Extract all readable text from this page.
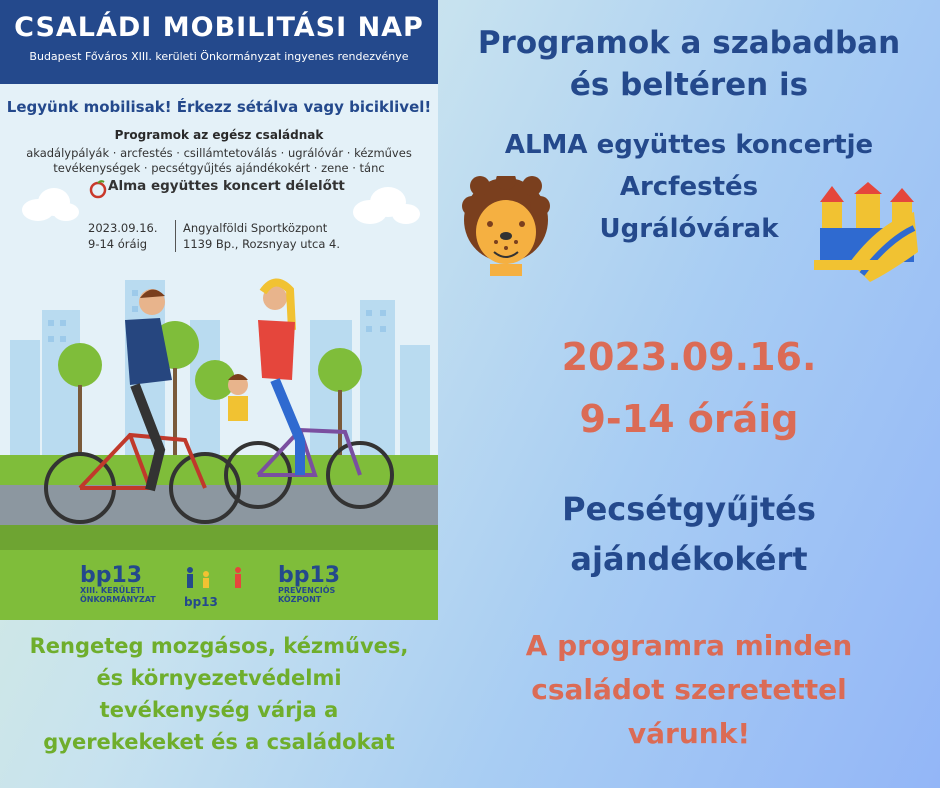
CSALÁDI MOBILITÁSI NAP
Budapest Főváros XIII. kerületi Önkormányzat ingyenes rendezvénye
Legyünk mobilisak! Érkezz sétálva vagy biciklivel!
Programok az egész családnak
akadálypályák · arcfestés · csillámtetoválás · ugrálóvár · kézműves tevékenységek · pecsétgyűjtés ajándékokért · zene · tánc
Alma együttes koncert délelőtt
2023.09.16.
9-14 óráig
Angyalföldi Sportközpont
1139 Bp., Rozsnyay utca 4.
bp13
XIII. KERÜLETI
ÖNKORMÁNYZAT bp13
bp13
PREVENCIÓS
KÖZPONT
Rengeteg mozgásos, kézműves,
és környezetvédelmi
tevékenység várja a
gyerekekeket és a családokat
Programok a szabadban
és beltéren is
ALMA együttes koncertje
Arcfestés
Ugrálóvárak
2023.09.16.
9-14 óráig
Pecsétgyűjtés
ajándékokért
A programra minden
családot szeretettel
várunk!
